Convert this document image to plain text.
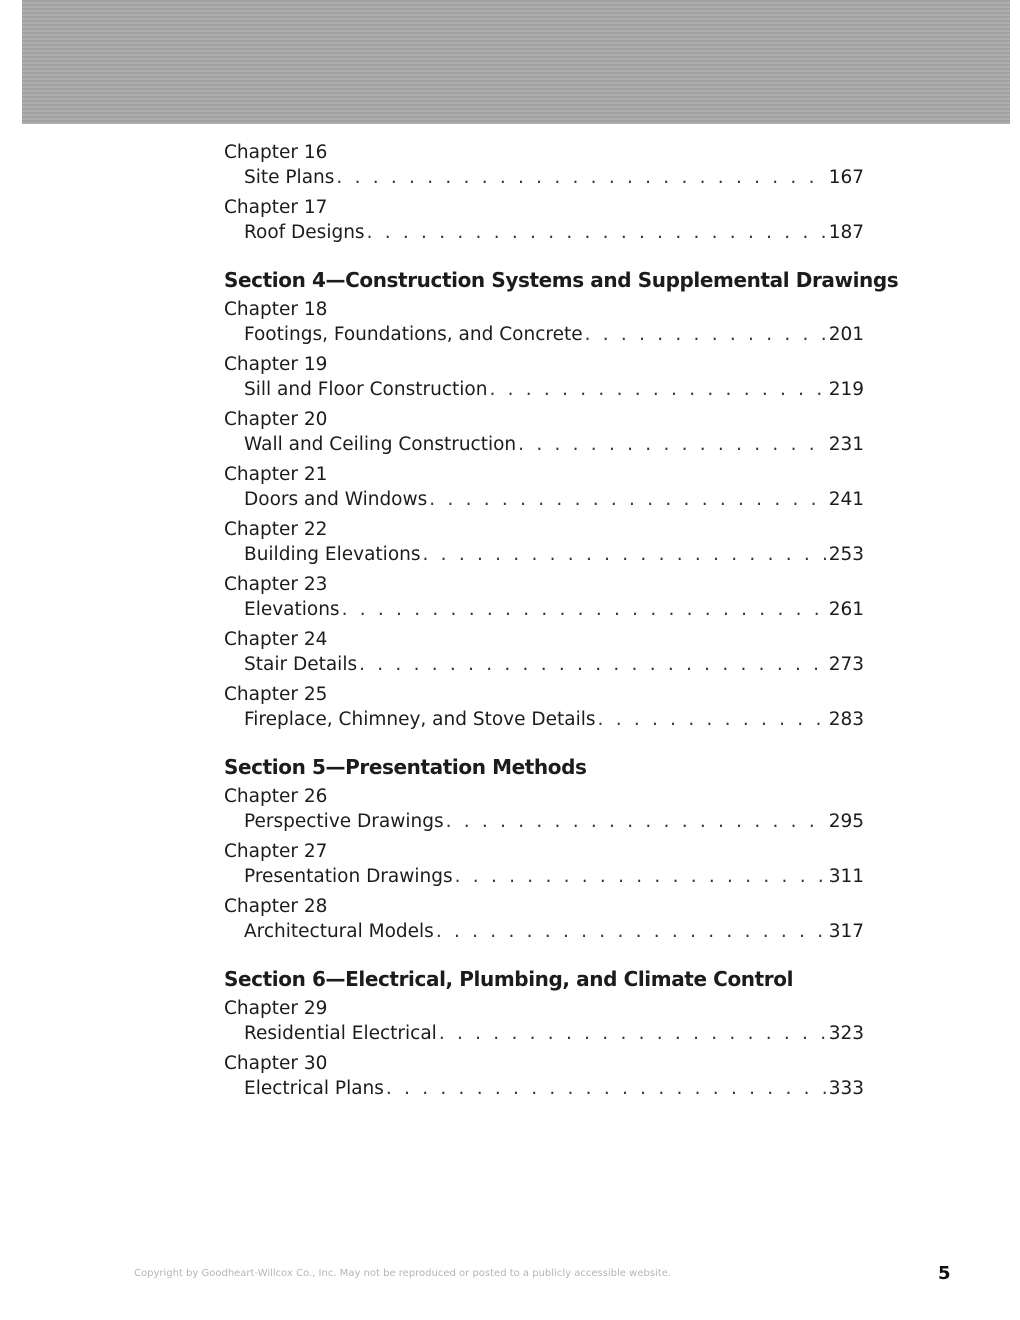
Chapter 16
Site Plans . . .	167
Chapter 17
Roof Designs . . .	187
Section 4—Construction Systems and Supplemental Drawings
Chapter 18
Footings, Foundations, and Concrete . . .	201
Chapter 19
Sill and Floor Construction . . .	219
Chapter 20
Wall and Ceiling Construction . . .	231
Chapter 21
Doors and Windows . . .	241
Chapter 22
Building Elevations . . .	253
Chapter 23
Elevations . . .	261
Chapter 24
Stair Details . . .	273
Chapter 25
Fireplace, Chimney, and Stove Details . . .	283
Section 5—Presentation Methods
Chapter 26
Perspective Drawings . . .	295
Chapter 27
Presentation Drawings . . .	311
Chapter 28
Architectural Models . . .	317
Section 6—Electrical, Plumbing, and Climate Control
Chapter 29
Residential Electrical . . .	323
Chapter 30
Electrical Plans . . .	333
Copyright by Goodheart-Willcox Co., Inc. May not be reproduced or posted to a publicly accessible website.	5
